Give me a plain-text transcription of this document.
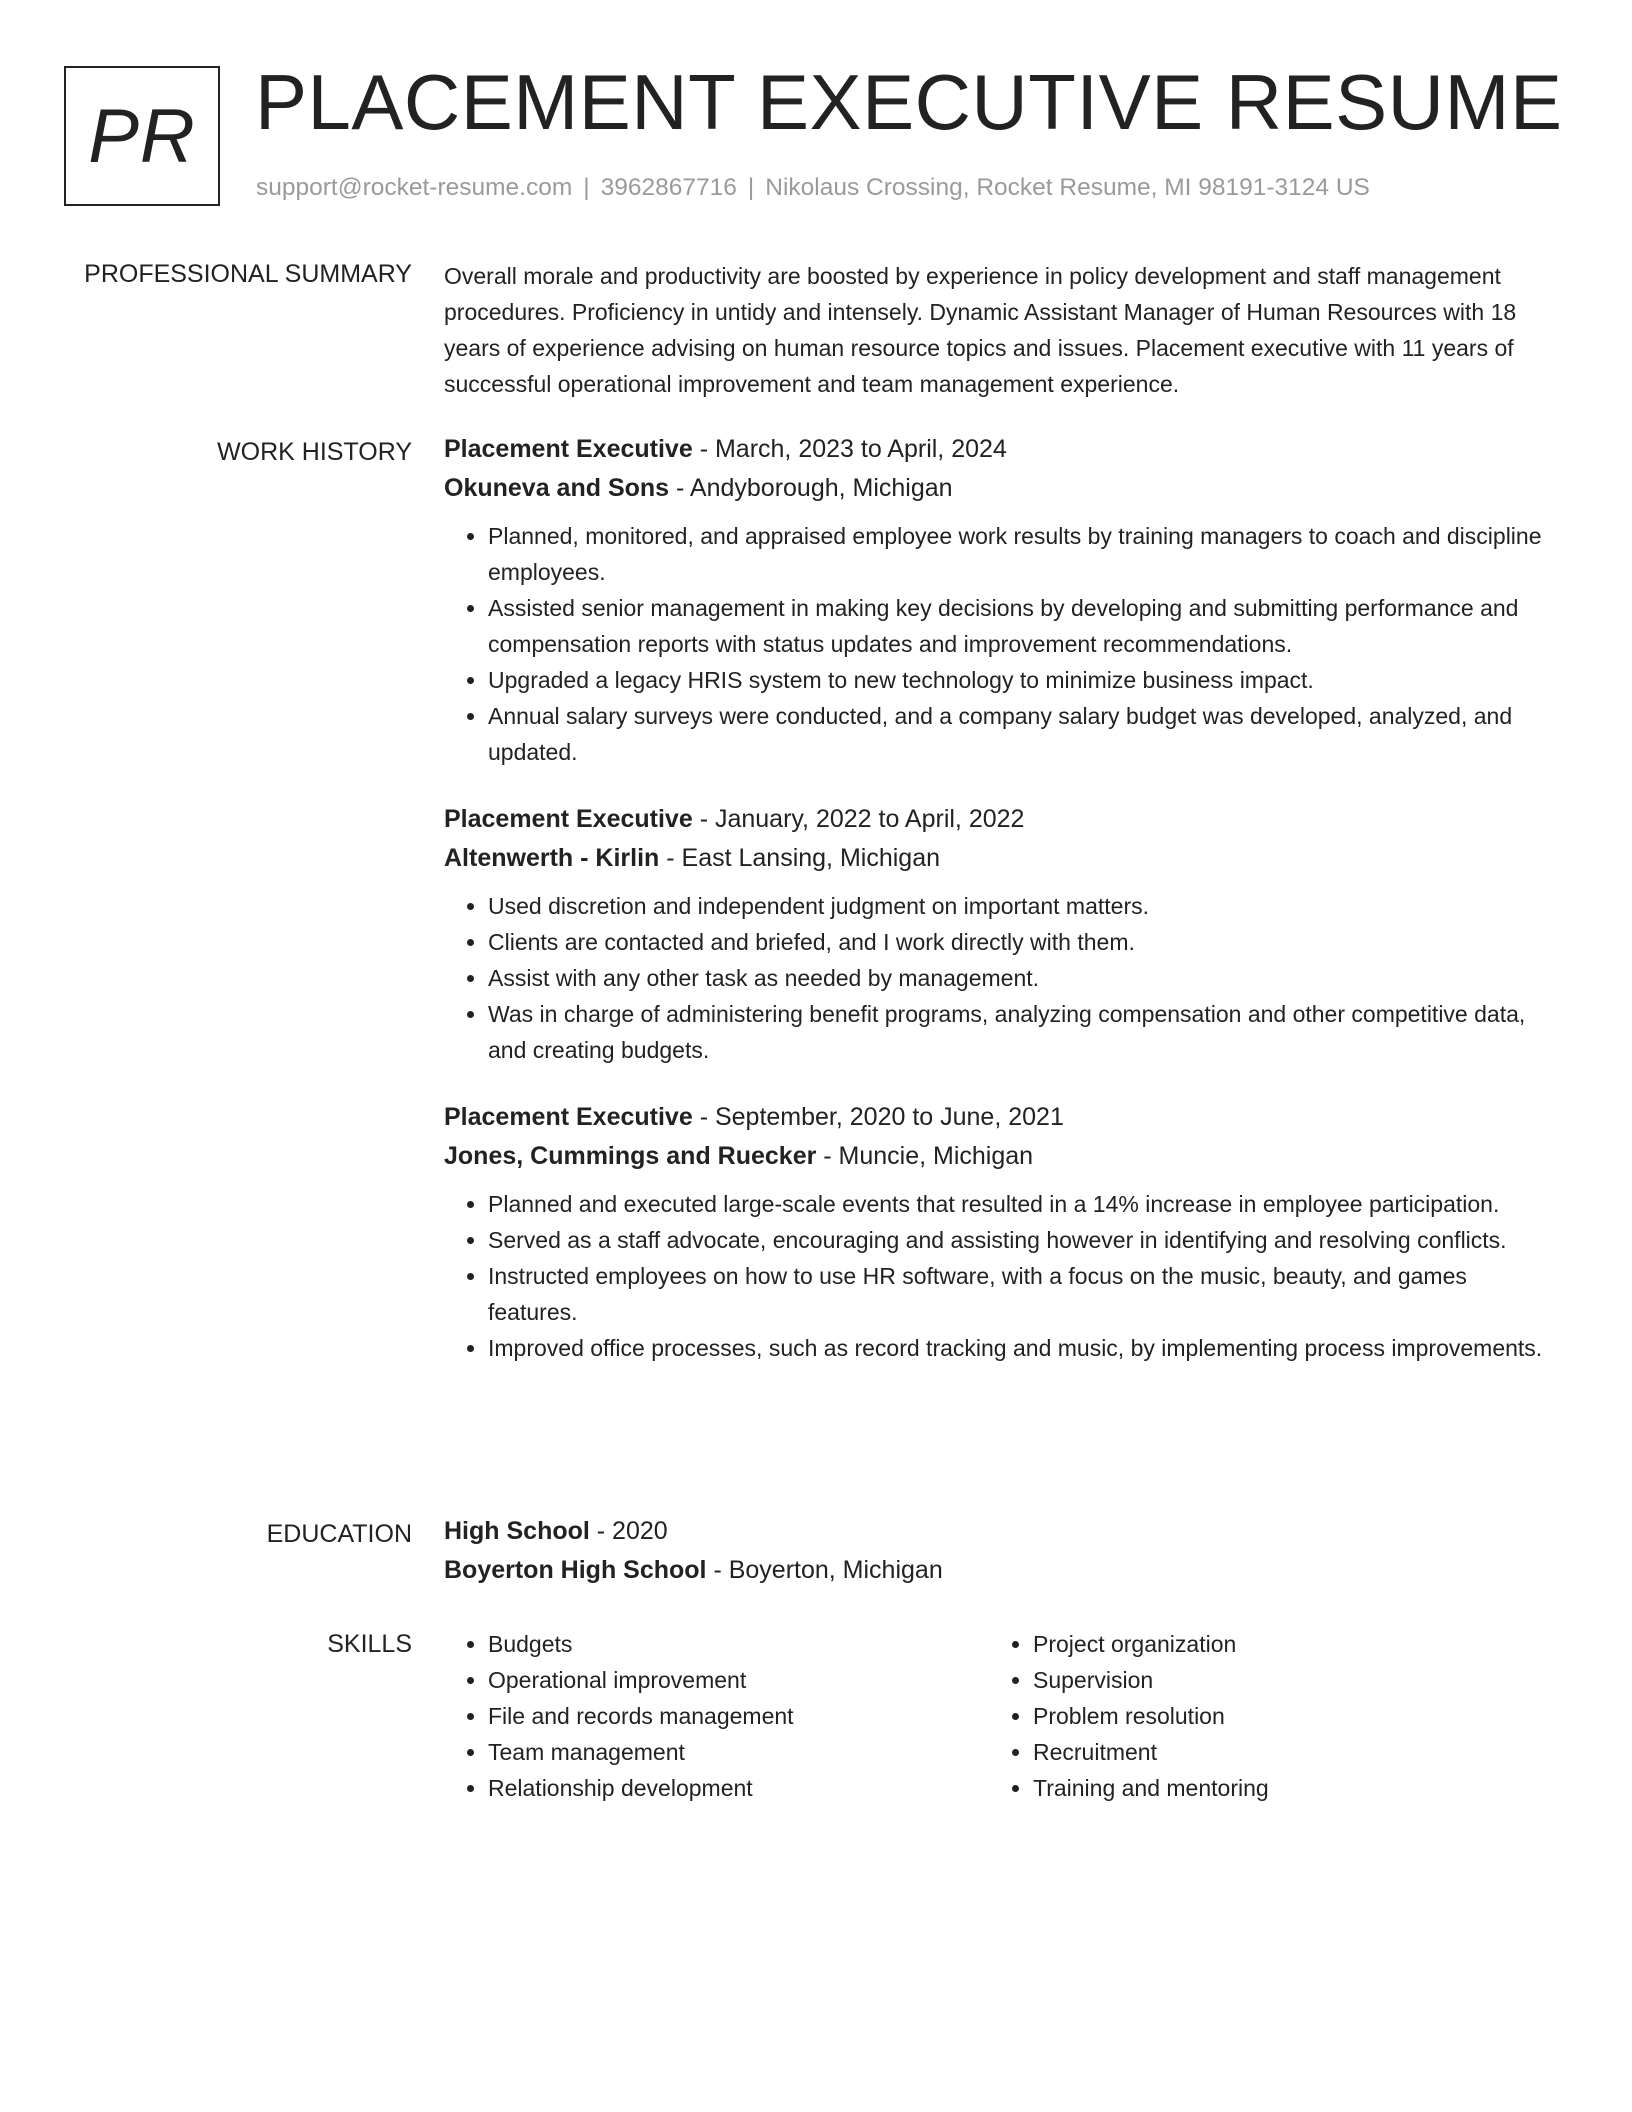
PR PLACEMENT EXECUTIVE RESUME
support@rocket-resume.com | 3962867716 | Nikolaus Crossing, Rocket Resume, MI 98191-3124 US
PROFESSIONAL SUMMARY Overall morale and productivity are boosted by experience in policy development and staff management procedures. Proficiency in untidy and intensely. Dynamic Assistant Manager of Human Resources with 18 years of experience advising on human resource topics and issues. Placement executive with 11 years of successful operational improvement and team management experience.

WORK HISTORY Placement Executive - March, 2023 to April, 2024
Okuneva and Sons - Andyborough, Michigan
• Planned, monitored, and appraised employee work results by training managers to coach and discipline employees.
• Assisted senior management in making key decisions by developing and submitting performance and compensation reports with status updates and improvement recommendations.
• Upgraded a legacy HRIS system to new technology to minimize business impact.
• Annual salary surveys were conducted, and a company salary budget was developed, analyzed, and updated.
Placement Executive - January, 2022 to April, 2022
Altenwerth - Kirlin - East Lansing, Michigan
• Used discretion and independent judgment on important matters.
• Clients are contacted and briefed, and I work directly with them.
• Assist with any other task as needed by management.
• Was in charge of administering benefit programs, analyzing compensation and other competitive data, and creating budgets.
Placement Executive - September, 2020 to June, 2021
Jones, Cummings and Ruecker - Muncie, Michigan
• Planned and executed large-scale events that resulted in a 14% increase in employee participation.
• Served as a staff advocate, encouraging and assisting however in identifying and resolving conflicts.
• Instructed employees on how to use HR software, with a focus on the music, beauty, and games features.
• Improved office processes, such as record tracking and music, by implementing process improvements.
EDUCATION High School - 2020
Boyerton High School - Boyerton, Michigan
SKILLS
•	Budgets
• Operational improvement
• File and records management
• Team management
• Relationship development
• Project organization
• Supervision
• Problem resolution
• Recruitment
• Training and mentoring
